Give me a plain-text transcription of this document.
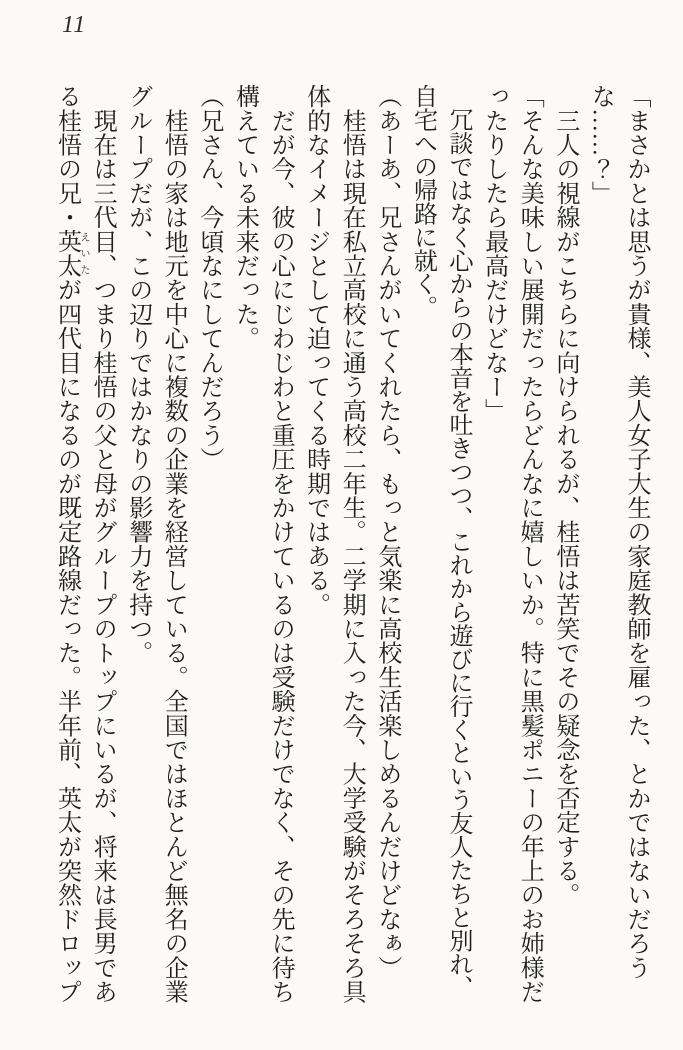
11

「まさかとは思うが貴様、美人女子大生の家庭教師を雇った、とかではないだろうな……？」

　三人の視線がこちらに向けられるが、桂悟は苦笑でその疑念を否定する。

「そんな美味しい展開だったらどんなに嬉しいか。特に黒髪ポニーの年上のお姉様だったりしたら最高だけどなー」

　冗談ではなく心からの本音を吐きつつ、これから遊びに行くという友人たちと別れ、自宅への帰路に就く。

（あーあ、兄さんがいてくれたら、もっと気楽に高校生活楽しめるんだけどなぁ）

　桂悟は現在私立高校に通う高校二年生。二学期に入った今、大学受験がそろそろ具体的なイメージとして迫ってくる時期ではある。

　だが今、彼の心にじわじわと重圧をかけているのは受験だけでなく、その先に待ち構えている未来だった。

（兄さん、今頃なにしてんだろう）

　桂悟の家は地元を中心に複数の企業を経営している。全国ではほとんど無名の企業グループだが、この辺りではかなりの影響力を持つ。

　現在は三代目、つまり桂悟の父と母がグループのトップにいるが、将来は長男である桂悟の兄・英太えいたが四代目になるのが既定路線だった。半年前、英太が突然ドロップ
